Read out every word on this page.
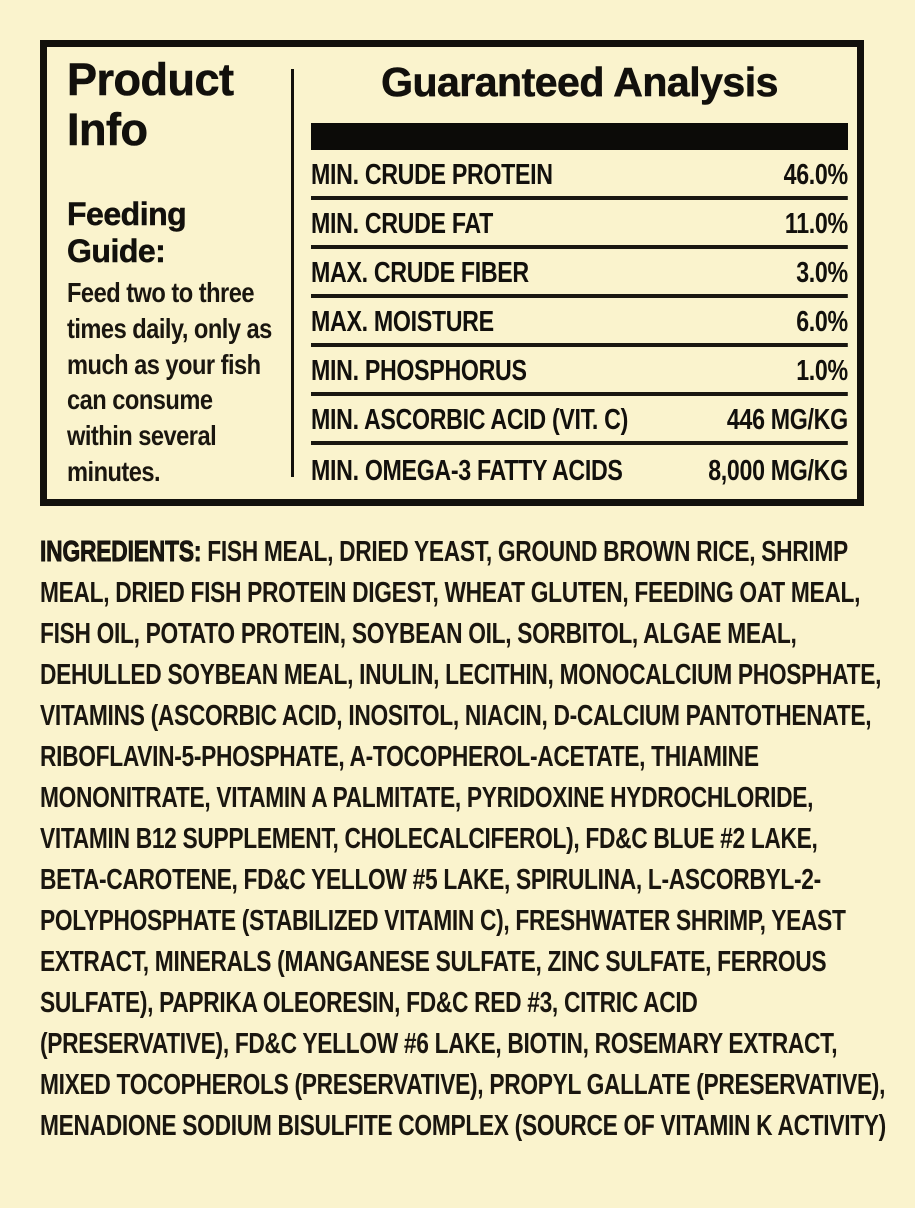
Product Info
Feeding Guide:
Feed two to three times daily, only as much as your fish can consume within several minutes.
Guaranteed Analysis
MIN. CRUDE PROTEIN	46.0%
MIN. CRUDE FAT	11.0%
MAX. CRUDE FIBER	3.0%
MAX. MOISTURE	6.0%
MIN. PHOSPHORUS	1.0%
MIN. ASCORBIC ACID (VIT. C)	446 MG/KG
MIN. OMEGA-3 FATTY ACIDS	8,000 MG/KG

INGREDIENTS: FISH MEAL, DRIED YEAST, GROUND BROWN RICE, SHRIMP MEAL, DRIED FISH PROTEIN DIGEST, WHEAT GLUTEN, FEEDING OAT MEAL, FISH OIL, POTATO PROTEIN, SOYBEAN OIL, SORBITOL, ALGAE MEAL, DEHULLED SOYBEAN MEAL, INULIN, LECITHIN, MONOCALCIUM PHOSPHATE, VITAMINS (ASCORBIC ACID, INOSITOL, NIACIN, D-CALCIUM PANTOTHENATE, RIBOFLAVIN-5-PHOSPHATE, A-TOCOPHEROL-ACETATE, THIAMINE MONONITRATE, VITAMIN A PALMITATE, PYRIDOXINE HYDROCHLORIDE, VITAMIN B12 SUPPLEMENT, CHOLECALCIFEROL), FD&C BLUE #2 LAKE, BETA-CAROTENE, FD&C YELLOW #5 LAKE, SPIRULINA, L-ASCORBYL-2-POLYPHOSPHATE (STABILIZED VITAMIN C), FRESHWATER SHRIMP, YEAST EXTRACT, MINERALS (MANGANESE SULFATE, ZINC SULFATE, FERROUS SULFATE), PAPRIKA OLEORESIN, FD&C RED #3, CITRIC ACID (PRESERVATIVE), FD&C YELLOW #6 LAKE, BIOTIN, ROSEMARY EXTRACT, MIXED TOCOPHEROLS (PRESERVATIVE), PROPYL GALLATE (PRESERVATIVE), MENADIONE SODIUM BISULFITE COMPLEX (SOURCE OF VITAMIN K ACTIVITY)
